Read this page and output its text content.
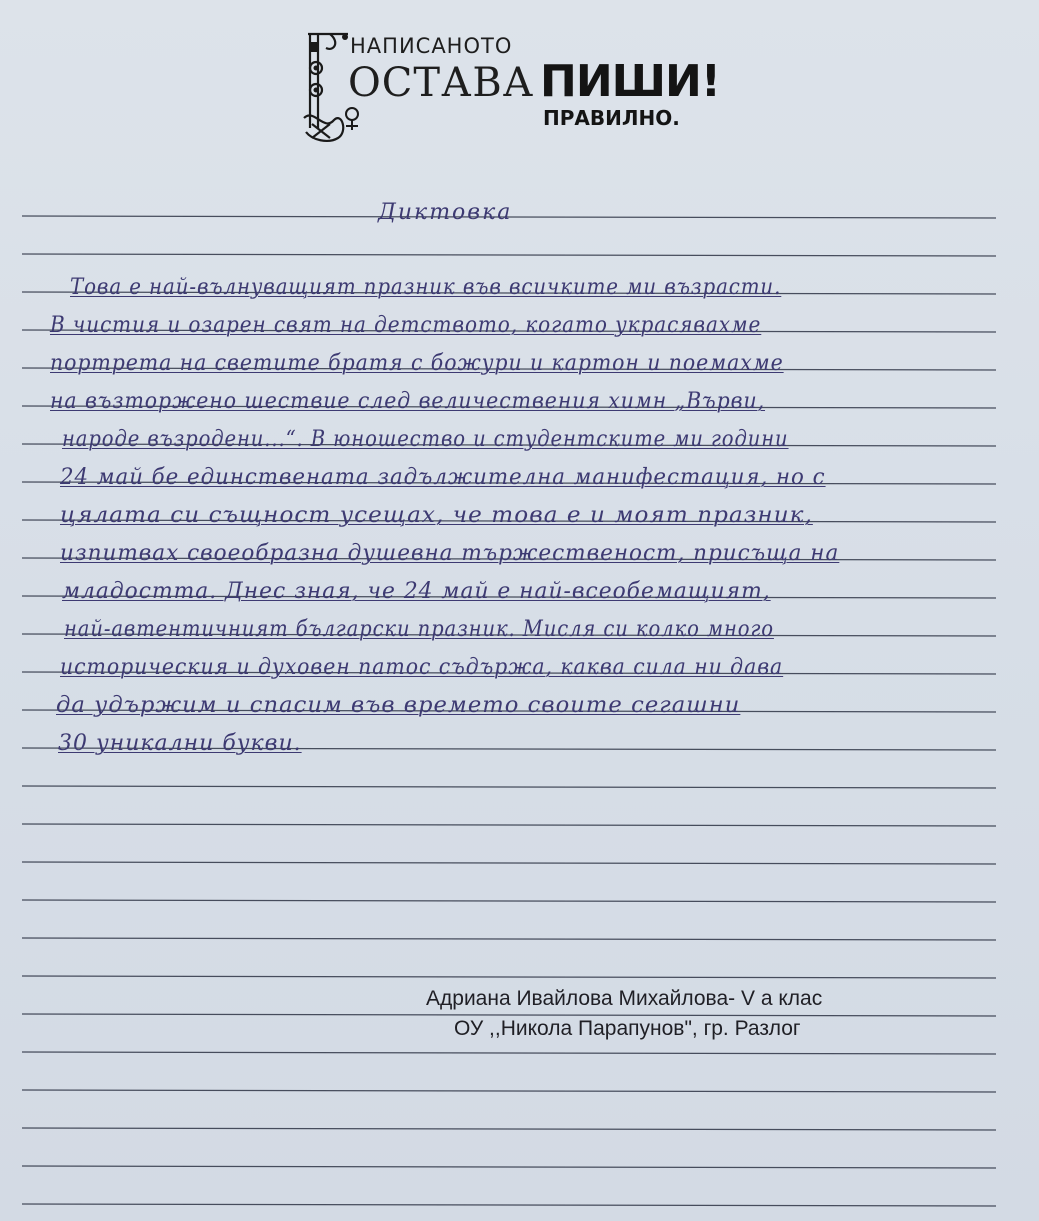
НАПИСАНОТО
ОСТАВА ПИШИ!
ПРАВИЛНО.

Диктовка

Това е най-вълнуващият празник във всичките ми възрасти.

В чистия и озарен свят на детството, когато украсявахме

портрета на светите братя с божури и картон и поемахме

на възторжено шествие след величествения химн „Върви,

народе възродени...“. В юношество и студентските ми години

24 май бе единствената задължителна манифестация, но с

цялата си същност усещах, че това е и моят празник,

изпитвах своеобразна душевна тържественост, присъща на

младостта. Днес зная, че 24 май е най-всеобемащият,

най-автентичният български празник. Мисля си колко много

историческия и духовен патос съдържа, каква сила ни дава

да удържим и спасим във времето своите сегашни

30 уникални букви.

Адриана Ивайлова Михайлова- V а клас
ОУ ,,Никола Парапунов", гр. Разлог
